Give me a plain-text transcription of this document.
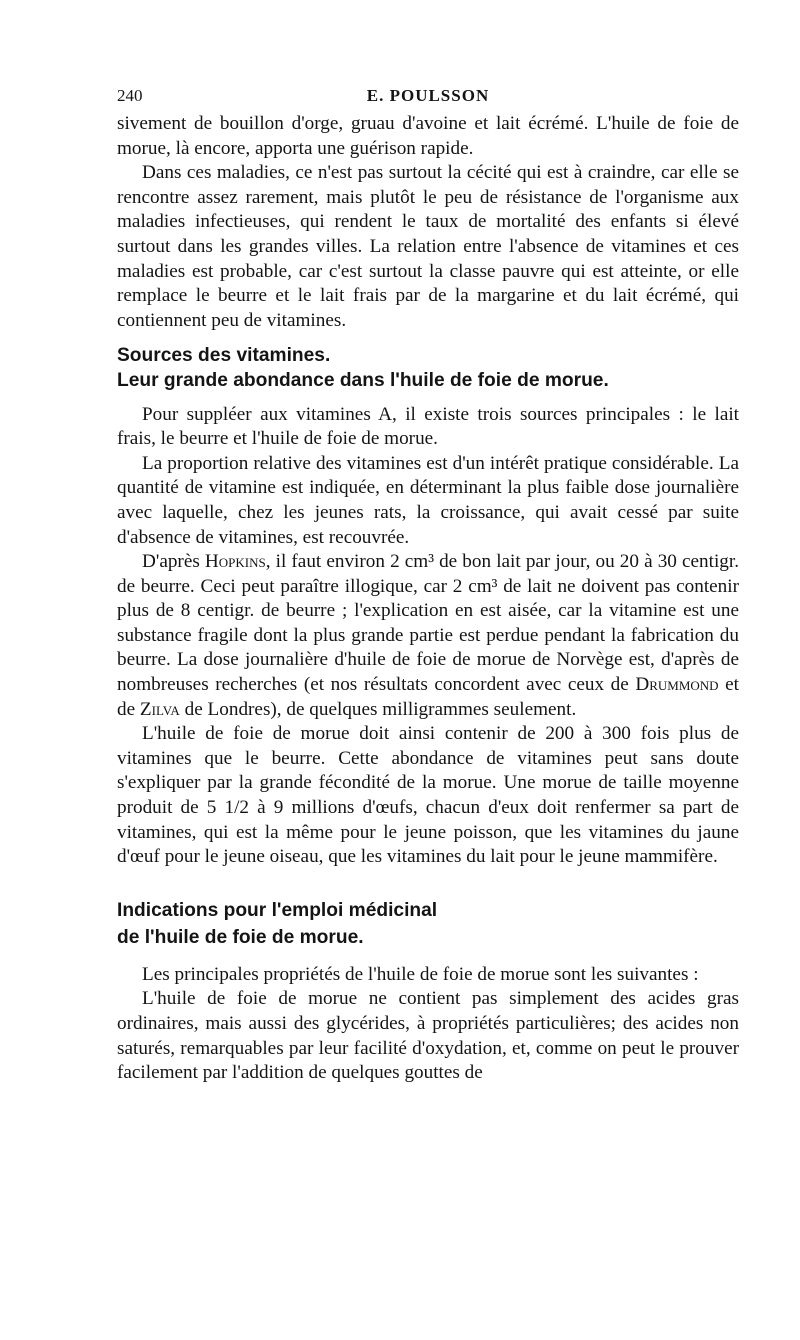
240	E. POULSSON

sivement de bouillon d'orge, gruau d'avoine et lait écrémé. L'huile de foie de morue, là encore, apporta une guérison rapide.

Dans ces maladies, ce n'est pas surtout la cécité qui est à craindre, car elle se rencontre assez rarement, mais plutôt le peu de résistance de l'organisme aux maladies infectieuses, qui rendent le taux de mortalité des enfants si élevé surtout dans les grandes villes. La relation entre l'absence de vitamines et ces maladies est probable, car c'est surtout la classe pauvre qui est atteinte, or elle remplace le beurre et le lait frais par de la margarine et du lait écrémé, qui contiennent peu de vitamines.

Sources des vitamines.

Leur grande abondance dans l'huile de foie de morue.

Pour suppléer aux vitamines A, il existe trois sources principales : le lait frais, le beurre et l'huile de foie de morue.

La proportion relative des vitamines est d'un intérêt pratique considérable. La quantité de vitamine est indiquée, en déterminant la plus faible dose journalière avec laquelle, chez les jeunes rats, la croissance, qui avait cessé par suite d'absence de vitamines, est recouvrée.

D'après Hopkins, il faut environ 2 cm³ de bon lait par jour, ou 20 à 30 centigr. de beurre. Ceci peut paraître illogique, car 2 cm³ de lait ne doivent pas contenir plus de 8 centigr. de beurre ; l'explication en est aisée, car la vitamine est une substance fragile dont la plus grande partie est perdue pendant la fabrication du beurre. La dose journalière d'huile de foie de morue de Norvège est, d'après de nombreuses recherches (et nos résultats concordent avec ceux de Drummond et de Zilva de Londres), de quelques milligrammes seulement.

L'huile de foie de morue doit ainsi contenir de 200 à 300 fois plus de vitamines que le beurre. Cette abondance de vitamines peut sans doute s'expliquer par la grande fécondité de la morue. Une morue de taille moyenne produit de 5 1/2 à 9 millions d'œufs, chacun d'eux doit renfermer sa part de vitamines, qui est la même pour le jeune poisson, que les vitamines du jaune d'œuf pour le jeune oiseau, que les vitamines du lait pour le jeune mammifère.

Indications pour l'emploi médicinal

de l'huile de foie de morue.

Les principales propriétés de l'huile de foie de morue sont les suivantes :

L'huile de foie de morue ne contient pas simplement des acides gras ordinaires, mais aussi des glycérides, à propriétés particulières; des acides non saturés, remarquables par leur facilité d'oxydation, et, comme on peut le prouver facilement par l'addition de quelques gouttes de
